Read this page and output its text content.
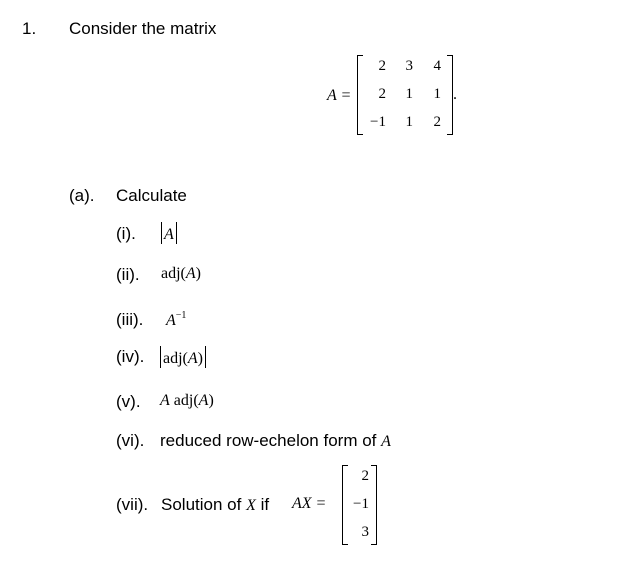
1. Consider the matrix
A =
2	3	4
2	1	1
−1	1	2
.
(a). Calculate
(i).	A
(ii). adj(A)
(iii). $A^{-1}$
(iv).	adj(A)
(v). A adj(A)
(vi). reduced row-echelon form of A
(vii). Solution of X if AX =
2
−1
3
